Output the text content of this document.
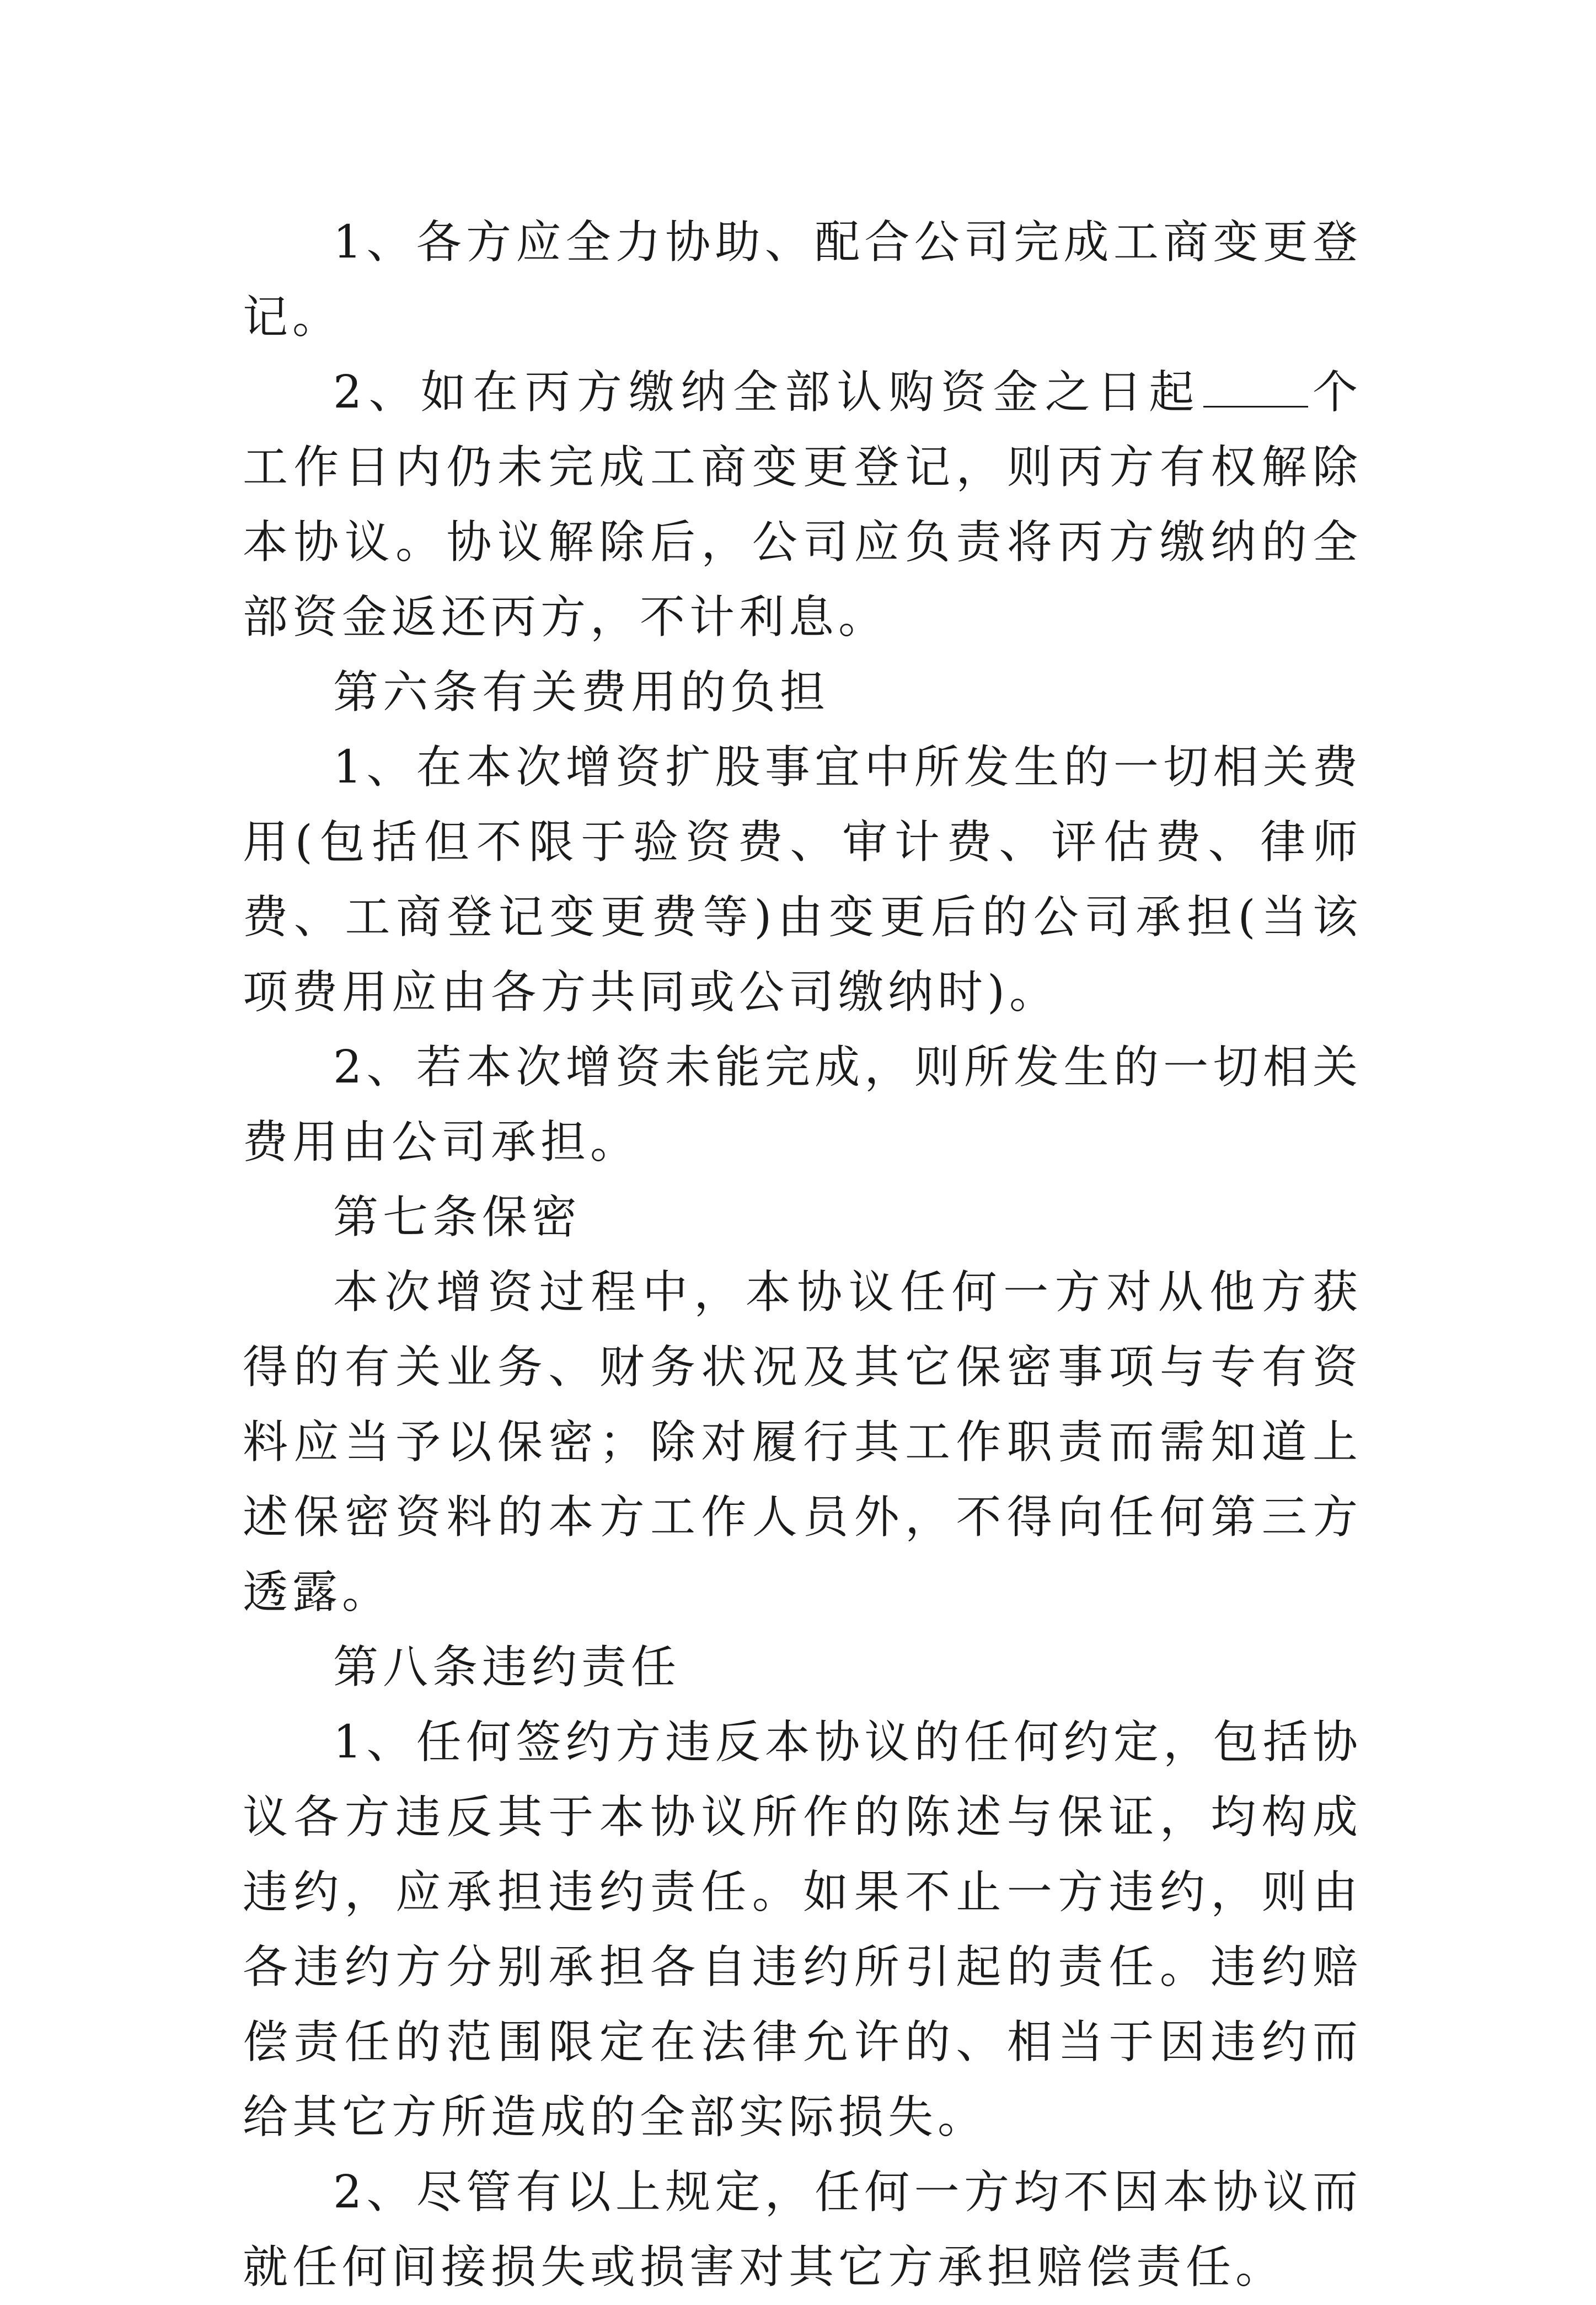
1、各方应全力协助、配合公司完成工商变更登记。

2、如在丙方缴纳全部认购资金之日起 个工作日内仍未完成工商变更登记，则丙方有权解除本协议。协议解除后，公司应负责将丙方缴纳的全部资金返还丙方，不计利息。

第六条有关费用的负担

1、在本次增资扩股事宜中所发生的一切相关费用(包括但不限于验资费、审计费、评估费、律师费、工商登记变更费等)由变更后的公司承担(当该项费用应由各方共同或公司缴纳时)。

2、若本次增资未能完成，则所发生的一切相关费用由公司承担。

第七条保密

本次增资过程中，本协议任何一方对从他方获得的有关业务、财务状况及其它保密事项与专有资料应当予以保密；除对履行其工作职责而需知道上述保密资料的本方工作人员外，不得向任何第三方透露。

第八条违约责任

1、任何签约方违反本协议的任何约定，包括协议各方违反其于本协议所作的陈述与保证，均构成违约，应承担违约责任。如果不止一方违约，则由各违约方分别承担各自违约所引起的责任。违约赔偿责任的范围限定在法律允许的、相当于因违约而给其它方所造成的全部实际损失。

2、尽管有以上规定，任何一方均不因本协议而就任何间接损失或损害对其它方承担赔偿责任。
